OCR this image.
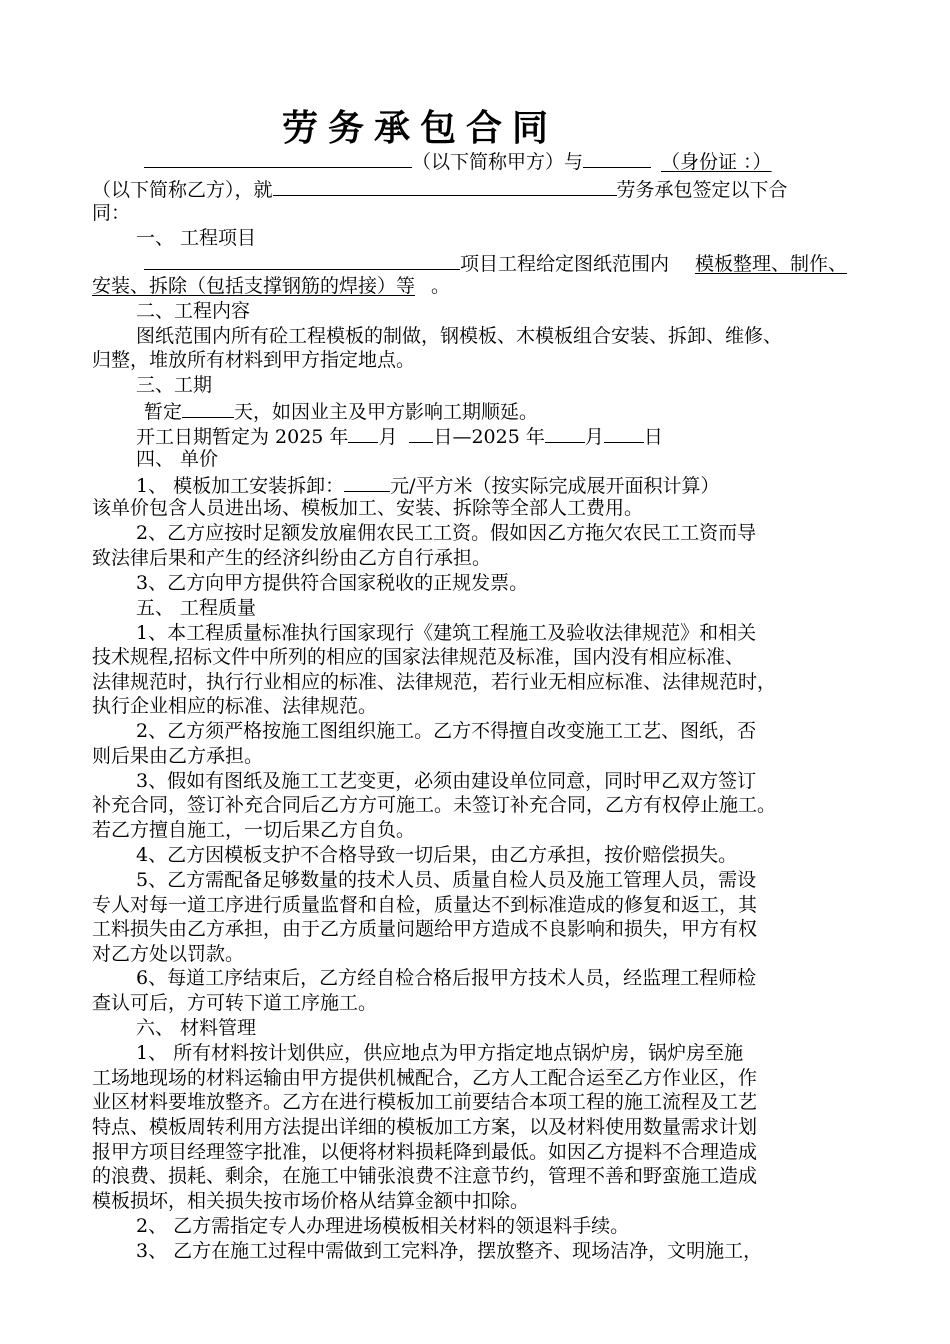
劳务承包合同
（以下简称甲方）与	（身份证 ：）
（以下简称乙方），就	劳务承包签定以下合
同：
一、 工程项目
项目工程给定图纸范围内 模板整理、制作、
安装、拆除（包括支撑钢筋的焊接）等 。
二、工程内容
图纸范围内所有砼工程模板的制做，钢模板、木模板组合安装、拆卸、维修、
归整，堆放所有材料到甲方指定地点。
三、工期
暂定	天，如因业主及甲方影响工期顺延。
开工日期暂定为 2025 年 月 日—2025 年 月 日
四、 单价
1、 模板加工安装拆卸： 元/平方米（按实际完成展开面积计算）
该单价包含人员进出场、模板加工、安装、拆除等全部人工费用。
2、乙方应按时足额发放雇佣农民工工资。假如因乙方拖欠农民工工资而导
致法律后果和产生的经济纠纷由乙方自行承担。
3、乙方向甲方提供符合国家税收的正规发票。
五、 工程质量
1、本工程质量标准执行国家现行《建筑工程施工及验收法律规范》和相关
技术规程,招标文件中所列的相应的国家法律规范及标准，国内没有相应标准、
法律规范时，执行行业相应的标准、法律规范，若行业无相应标准、法律规范时，
执行企业相应的标准、法律规范。
2、乙方须严格按施工图组织施工。乙方不得擅自改变施工工艺、图纸，否
则后果由乙方承担。
3、假如有图纸及施工工艺变更，必须由建设单位同意，同时甲乙双方签订
补充合同，签订补充合同后乙方方可施工。未签订补充合同，乙方有权停止施工。
若乙方擅自施工，一切后果乙方自负。
4、乙方因模板支护不合格导致一切后果，由乙方承担，按价赔偿损失。
5、乙方需配备足够数量的技术人员、质量自检人员及施工管理人员，需设
专人对每一道工序进行质量监督和自检，质量达不到标准造成的修复和返工，其
工料损失由乙方承担，由于乙方质量问题给甲方造成不良影响和损失，甲方有权
对乙方处以罚款。
6、每道工序结束后，乙方经自检合格后报甲方技术人员，经监理工程师检
查认可后，方可转下道工序施工。
六、 材料管理
1、 所有材料按计划供应，供应地点为甲方指定地点锅炉房，锅炉房至施
工场地现场的材料运输由甲方提供机械配合，乙方人工配合运至乙方作业区，作
业区材料要堆放整齐。乙方在进行模板加工前要结合本项工程的施工流程及工艺
特点、模板周转利用方法提出详细的模板加工方案，以及材料使用数量需求计划
报甲方项目经理签字批准，以便将材料损耗降到最低。如因乙方提料不合理造成
的浪费、损耗、剩余，在施工中铺张浪费不注意节约，管理不善和野蛮施工造成
模板损坏，相关损失按市场价格从结算金额中扣除。
2、 乙方需指定专人办理进场模板相关材料的领退料手续。
3、 乙方在施工过程中需做到工完料净，摆放整齐、现场洁净，文明施工，
